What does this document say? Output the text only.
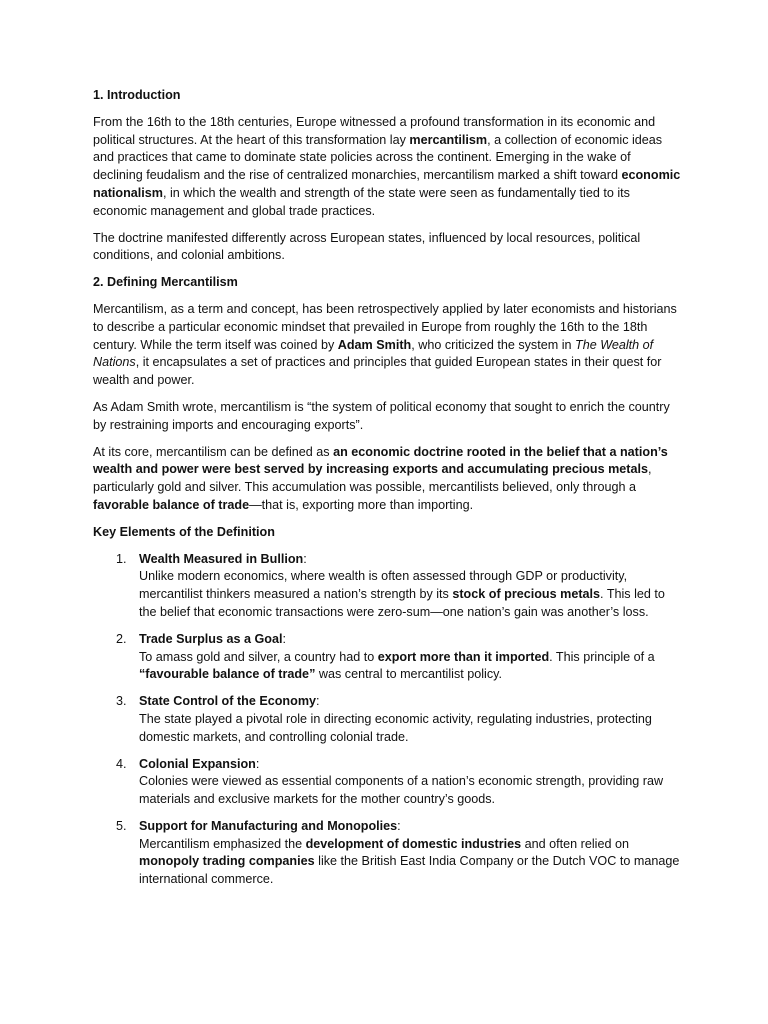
1. Introduction

From the 16th to the 18th centuries, Europe witnessed a profound transformation in its economic and political structures. At the heart of this transformation lay mercantilism, a collection of economic ideas and practices that came to dominate state policies across the continent. Emerging in the wake of declining feudalism and the rise of centralized monarchies, mercantilism marked a shift toward economic nationalism, in which the wealth and strength of the state were seen as fundamentally tied to its economic management and global trade practices.

The doctrine manifested differently across European states, influenced by local resources, political conditions, and colonial ambitions.

2. Defining Mercantilism

Mercantilism, as a term and concept, has been retrospectively applied by later economists and historians to describe a particular economic mindset that prevailed in Europe from roughly the 16th to the 18th century. While the term itself was coined by Adam Smith, who criticized the system in The Wealth of Nations, it encapsulates a set of practices and principles that guided European states in their quest for wealth and power.

As Adam Smith wrote, mercantilism is “the system of political economy that sought to enrich the country by restraining imports and encouraging exports”.

At its core, mercantilism can be defined as an economic doctrine rooted in the belief that a nation’s wealth and power were best served by increasing exports and accumulating precious metals, particularly gold and silver. This accumulation was possible, mercantilists believed, only through a favorable balance of trade—that is, exporting more than importing.

Key Elements of the Definition
1. Wealth Measured in Bullion:
Unlike modern economics, where wealth is often assessed through GDP or productivity, mercantilist thinkers measured a nation’s strength by its stock of precious metals. This led to the belief that economic transactions were zero-sum—one nation’s gain was another’s loss.
2. Trade Surplus as a Goal:
To amass gold and silver, a country had to export more than it imported. This principle of a “favourable balance of trade” was central to mercantilist policy.
3. State Control of the Economy:
The state played a pivotal role in directing economic activity, regulating industries, protecting domestic markets, and controlling colonial trade.
4. Colonial Expansion:
Colonies were viewed as essential components of a nation’s economic strength, providing raw materials and exclusive markets for the mother country’s goods.
5. Support for Manufacturing and Monopolies:
Mercantilism emphasized the development of domestic industries and often relied on monopoly trading companies like the British East India Company or the Dutch VOC to manage international commerce.
